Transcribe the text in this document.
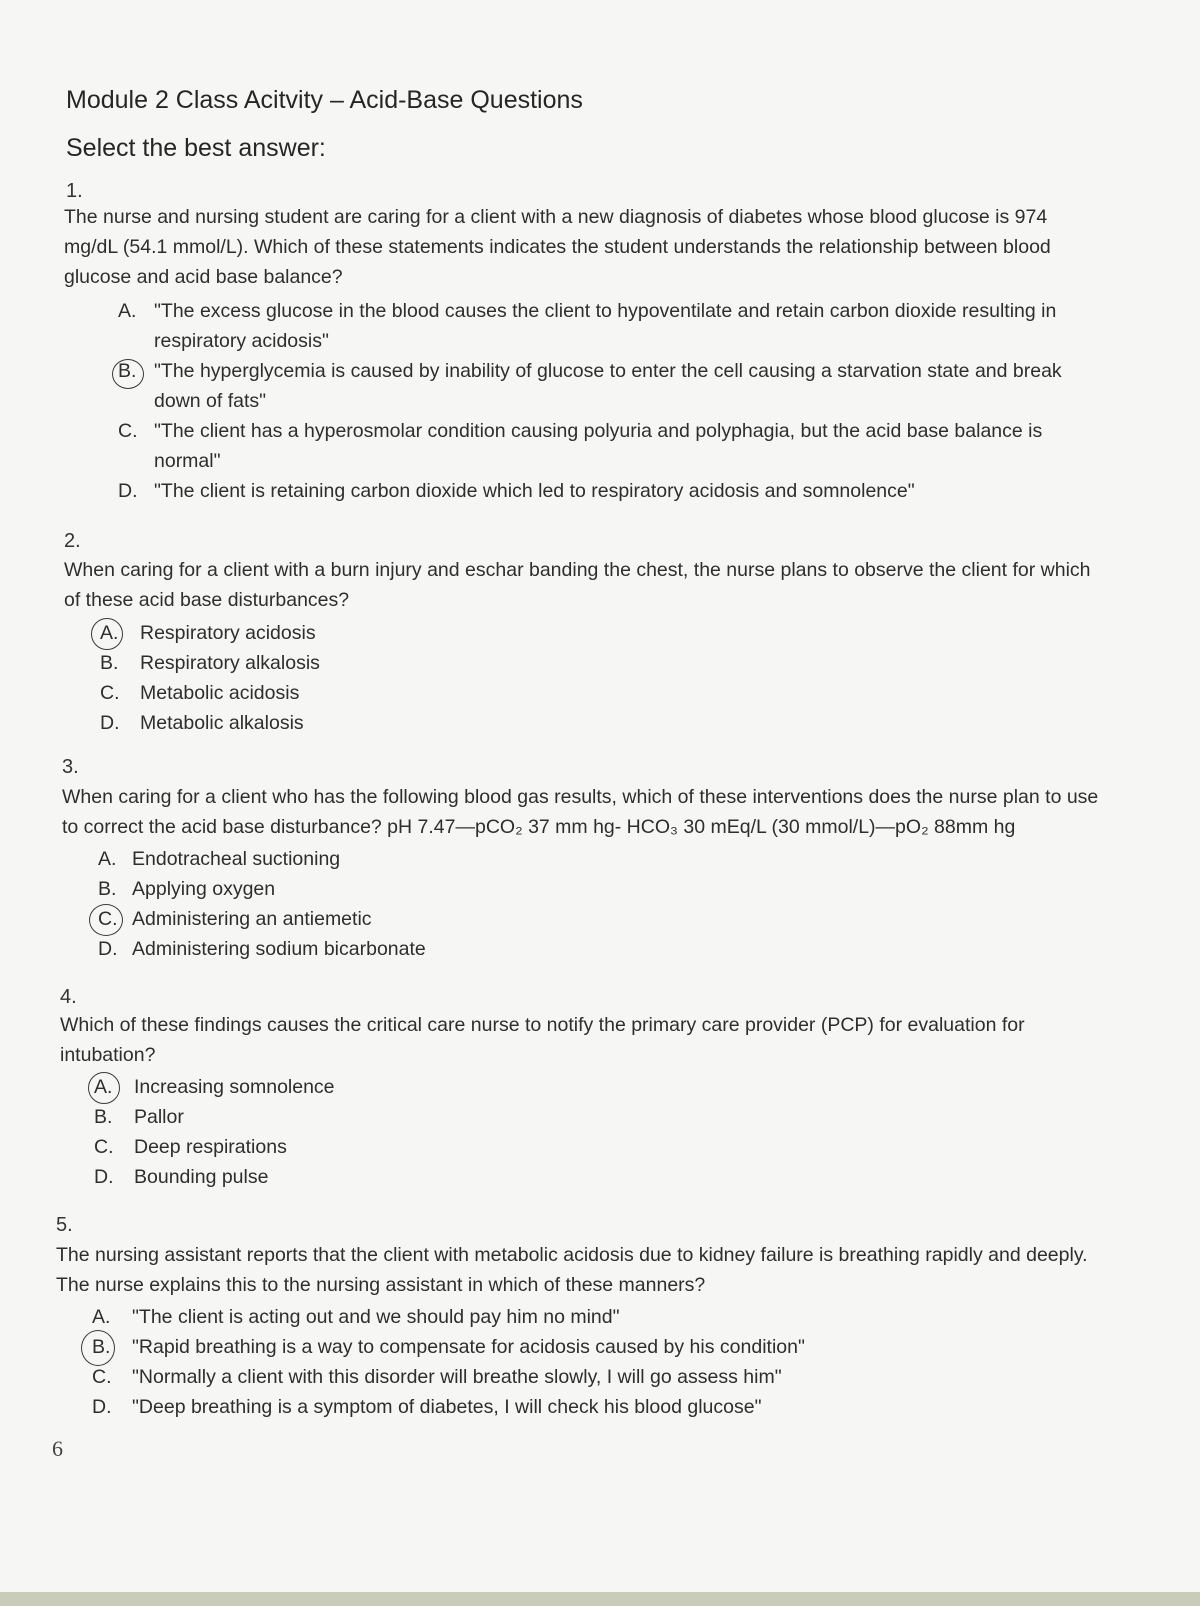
Module 2 Class Acitvity – Acid-Base Questions
Select the best answer:
1.
The nurse and nursing student are caring for a client with a new diagnosis of diabetes whose blood glucose is 974
mg/dL (54.1 mmol/L). Which of these statements indicates the student understands the relationship between blood
glucose and acid base balance?
A. "The excess glucose in the blood causes the client to hypoventilate and retain carbon dioxide resulting in
respiratory acidosis"
B. "The hyperglycemia is caused by inability of glucose to enter the cell causing a starvation state and break
down of fats"
C. "The client has a hyperosmolar condition causing polyuria and polyphagia, but the acid base balance is
normal"
D. "The client is retaining carbon dioxide which led to respiratory acidosis and somnolence"
2.
When caring for a client with a burn injury and eschar banding the chest, the nurse plans to observe the client for which
of these acid base disturbances?
A. Respiratory acidosis
B. Respiratory alkalosis
C. Metabolic acidosis
D. Metabolic alkalosis
3.
When caring for a client who has the following blood gas results, which of these interventions does the nurse plan to use
to correct the acid base disturbance? pH 7.47—pCO₂ 37 mm hg- HCO₃ 30 mEq/L (30 mmol/L)—pO₂ 88mm hg
A. Endotracheal suctioning
B. Applying oxygen
C. Administering an antiemetic
D. Administering sodium bicarbonate
4.
Which of these findings causes the critical care nurse to notify the primary care provider (PCP) for evaluation for
intubation?
A. Increasing somnolence
B. Pallor
C. Deep respirations
D. Bounding pulse
5.
The nursing assistant reports that the client with metabolic acidosis due to kidney failure is breathing rapidly and deeply.
The nurse explains this to the nursing assistant in which of these manners?
A. "The client is acting out and we should pay him no mind"
B. "Rapid breathing is a way to compensate for acidosis caused by his condition"
C. "Normally a client with this disorder will breathe slowly, I will go assess him"
D. "Deep breathing is a symptom of diabetes, I will check his blood glucose"
6
